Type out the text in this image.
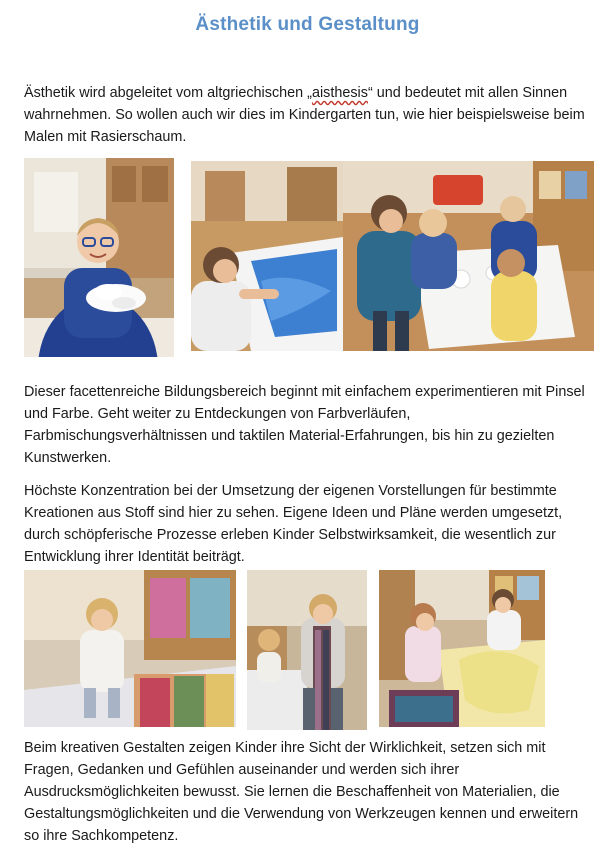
Ästhetik und Gestaltung

Ästhetik wird abgeleitet vom altgriechischen „aisthesis“ und bedeutet mit allen Sinnen wahrnehmen. So wollen auch wir dies im Kindergarten tun, wie hier beispielsweise beim Malen mit Rasierschaum.

Dieser facettenreiche Bildungsbereich beginnt mit einfachem experimentieren mit Pinsel und Farbe. Geht weiter zu Entdeckungen von Farbverläufen, Farbmischungsverhältnissen und taktilen Material-Erfahrungen, bis hin zu gezielten Kunstwerken.

Höchste Konzentration bei der Umsetzung der eigenen Vorstellungen für bestimmte Kreationen aus Stoff sind hier zu sehen. Eigene Ideen und Pläne werden umgesetzt, durch schöpferische Prozesse erleben Kinder Selbstwirksamkeit, die wesentlich zur Entwicklung ihrer Identität beiträgt.

Beim kreativen Gestalten zeigen Kinder ihre Sicht der Wirklichkeit, setzen sich mit Fragen, Gedanken und Gefühlen auseinander und werden sich ihrer Ausdrucksmöglichkeiten bewusst. Sie lernen die Beschaffenheit von Materialien, die Gestaltungsmöglichkeiten und die Verwendung von Werkzeugen kennen und erweitern so ihre Sachkompetenz.
